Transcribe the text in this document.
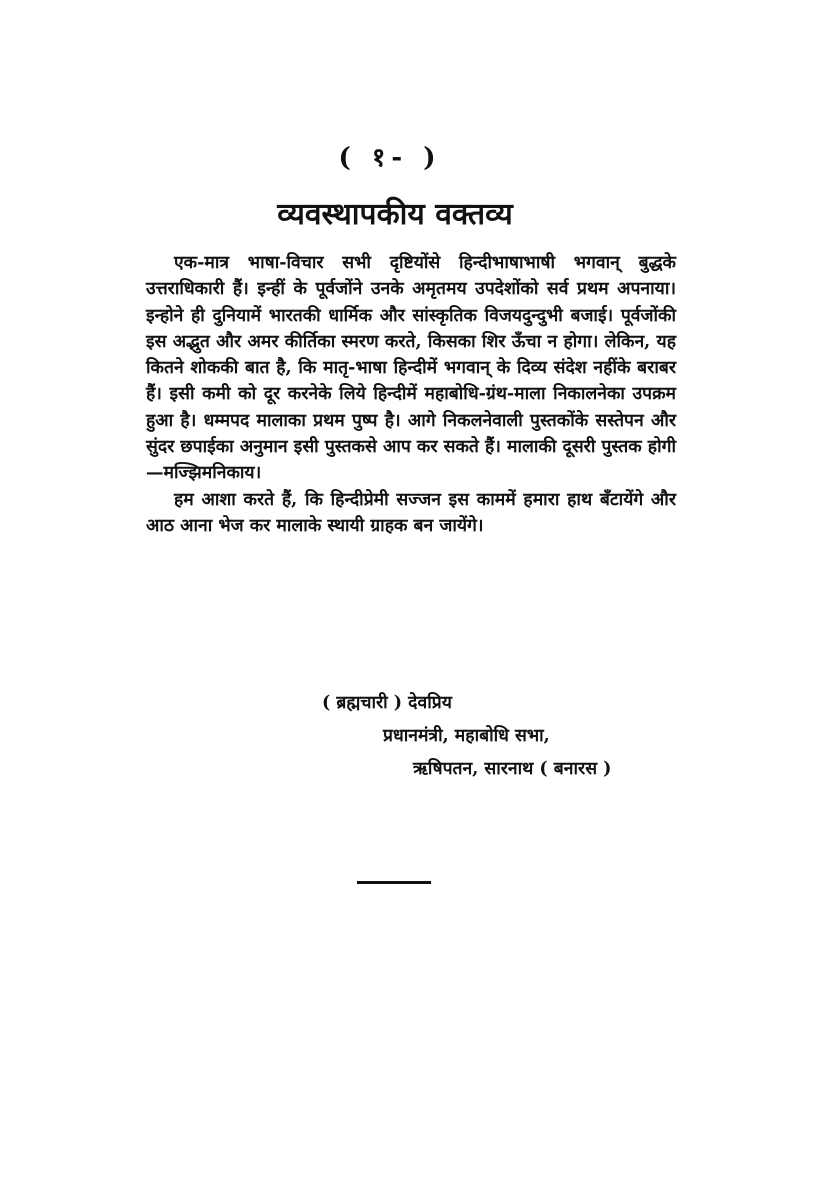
( १- )
व्यवस्थापकीय वक्तव्य

एक-मात्र भाषा-विचार सभी दृष्टियोंसे हिन्दीभाषाभाषी भगवान् बुद्धके उत्तराधिकारी हैं। इन्हीं के पूर्वजोंने उनके अमृतमय उपदेशोंको सर्व प्रथम अपनाया। इन्होने ही दुनियामें भारतकी धार्मिक और सांस्कृतिक विजयदुन्दुभी बजाई। पूर्वजोंकी इस अद्भुत और अमर कीर्तिका स्मरण करते, किसका शिर ऊँचा न होगा। लेकिन, यह कितने शोककी बात है, कि मातृ-भाषा हिन्दीमें भगवान् के दिव्य संदेश नहींके बराबर हैं। इसी कमी को दूर करनेके लिये हिन्दीमें महाबोधि-ग्रंथ-माला निकालनेका उपक्रम हुआ है। धम्मपद मालाका प्रथम पुष्प है। आगे निकलनेवाली पुस्तकोंके सस्तेपन और सुंदर छपाईका अनुमान इसी पुस्तकसे आप कर सकते हैं। मालाकी दूसरी पुस्तक होगी—मज्झिमनिकाय।

हम आशा करते हैं, कि हिन्दीप्रेमी सज्जन इस काममें हमारा हाथ बँटायेंगे और आठ आना भेज कर मालाके स्थायी ग्राहक बन जायेंगे।

( ब्रह्मचारी ) देवप्रिय
प्रधानमंत्री, महाबोधि सभा,
ऋषिपतन, सारनाथ ( बनारस )
